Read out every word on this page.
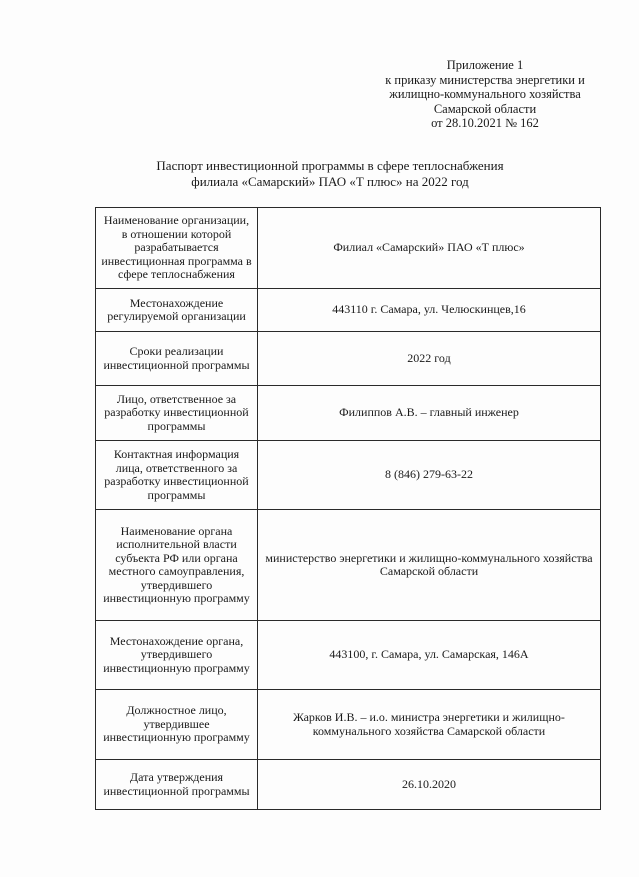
Приложение 1
к приказу министерства энергетики и
жилищно-коммунального хозяйства
Самарской области
от 28.10.2021 № 162
Паспорт инвестиционной программы в сфере теплоснабжения
филиала «Самарский» ПАО «Т плюс» на 2022 год
Наименование организации, в отношении которой разрабатывается инвестиционная программа в сфере теплоснабжения	Филиал «Самарский» ПАО «Т плюс»
Местонахождение регулируемой организации	443110 г. Самара, ул. Челюскинцев,16
Сроки реализации инвестиционной программы	2022 год
Лицо, ответственное за разработку инвестиционной программы	Филиппов А.В. – главный инженер
Контактная информация лица, ответственного за разработку инвестиционной программы	8 (846) 279-63-22
Наименование органа исполнительной власти субъекта РФ или органа местного самоуправления, утвердившего инвестиционную программу	министерство энергетики и жилищно-коммунального хозяйства Самарской области
Местонахождение органа, утвердившего инвестиционную программу	443100, г. Самара, ул. Самарская, 146А
Должностное лицо, утвердившее инвестиционную программу	Жарков И.В. – и.о. министра энергетики и жилищно-коммунального хозяйства Самарской области
Дата утверждения инвестиционной программы	26.10.2020
